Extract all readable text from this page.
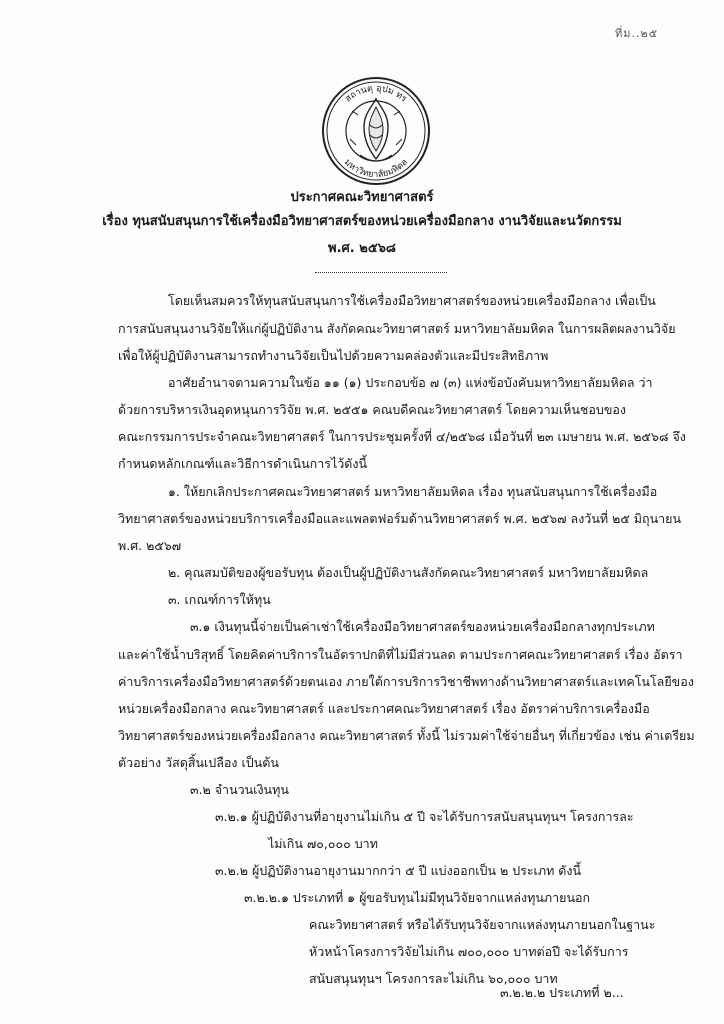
ที่ม..๒๕
สถานตุ อุปม ทร
มหาวิทยาลัยมหิดล
ประกาศคณะวิทยาศาสตร์
เรื่อง ทุนสนับสนุนการใช้เครื่องมือวิทยาศาสตร์ของหน่วยเครื่องมือกลาง งานวิจัยและนวัตกรรม
พ.ศ. ๒๕๖๘
โดยเห็นสมควรให้ทุนสนับสนุนการใช้เครื่องมือวิทยาศาสตร์ของหน่วยเครื่องมือกลาง เพื่อเป็น
การสนับสนุนงานวิจัยให้แก่ผู้ปฏิบัติงาน สังกัดคณะวิทยาศาสตร์ มหาวิทยาลัยมหิดล ในการผลิตผลงานวิจัย
เพื่อให้ผู้ปฏิบัติงานสามารถทำงานวิจัยเป็นไปด้วยความคล่องตัวและมีประสิทธิภาพ
อาศัยอำนาจตามความในข้อ ๑๑ (๑) ประกอบข้อ ๗ (๓) แห่งข้อบังคับมหาวิทยาลัยมหิดล ว่า
ด้วยการบริหารเงินอุดหนุนการวิจัย พ.ศ. ๒๕๕๑ คณบดีคณะวิทยาศาสตร์ โดยความเห็นชอบของ
คณะกรรมการประจำคณะวิทยาศาสตร์ ในการประชุมครั้งที่ ๔/๒๕๖๘ เมื่อวันที่ ๒๓ เมษายน พ.ศ. ๒๕๖๘ จึง
กำหนดหลักเกณฑ์และวิธีการดำเนินการไว้ดังนี้
๑. ให้ยกเลิกประกาศคณะวิทยาศาสตร์ มหาวิทยาลัยมหิดล เรื่อง ทุนสนับสนุนการใช้เครื่องมือ
วิทยาศาสตร์ของหน่วยบริการเครื่องมือและแพลตฟอร์มด้านวิทยาศาสตร์ พ.ศ. ๒๕๖๗ ลงวันที่ ๒๕ มิถุนายน
พ.ศ. ๒๕๖๗
๒. คุณสมบัติของผู้ขอรับทุน ต้องเป็นผู้ปฏิบัติงานสังกัดคณะวิทยาศาสตร์ มหาวิทยาลัยมหิดล
๓. เกณฑ์การให้ทุน
๓.๑ เงินทุนนี้จ่ายเป็นค่าเช่าใช้เครื่องมือวิทยาศาสตร์ของหน่วยเครื่องมือกลางทุกประเภท
และค่าใช้น้ำบริสุทธิ์ โดยคิดค่าบริการในอัตราปกติที่ไม่มีส่วนลด ตามประกาศคณะวิทยาศาสตร์ เรื่อง อัตรา
ค่าบริการเครื่องมือวิทยาศาสตร์ด้วยตนเอง ภายใต้การบริการวิชาชีพทางด้านวิทยาศาสตร์และเทคโนโลยีของ
หน่วยเครื่องมือกลาง คณะวิทยาศาสตร์ และประกาศคณะวิทยาศาสตร์ เรื่อง อัตราค่าบริการเครื่องมือ
วิทยาศาสตร์ของหน่วยเครื่องมือกลาง คณะวิทยาศาสตร์ ทั้งนี้ ไม่รวมค่าใช้จ่ายอื่นๆ ที่เกี่ยวข้อง เช่น ค่าเตรียม
ตัวอย่าง วัสดุสิ้นเปลือง เป็นต้น
๓.๒ จำนวนเงินทุน
๓.๒.๑ ผู้ปฏิบัติงานที่อายุงานไม่เกิน ๕ ปี จะได้รับการสนับสนุนทุนฯ โครงการละ
ไม่เกิน ๗๐,๐๐๐ บาท
๓.๒.๒ ผู้ปฏิบัติงานอายุงานมากกว่า ๕ ปี แบ่งออกเป็น ๒ ประเภท ดังนี้
๓.๒.๒.๑ ประเภทที่ ๑ ผู้ขอรับทุนไม่มีทุนวิจัยจากแหล่งทุนภายนอก
คณะวิทยาศาสตร์ หรือได้รับทุนวิจัยจากแหล่งทุนภายนอกในฐานะ
หัวหน้าโครงการวิจัยไม่เกิน ๗๐๐,๐๐๐ บาทต่อปี จะได้รับการ
สนับสนุนทุนฯ โครงการละไม่เกิน ๖๐,๐๐๐ บาท
๓.๒.๒.๒ ประเภทที่ ๒...
